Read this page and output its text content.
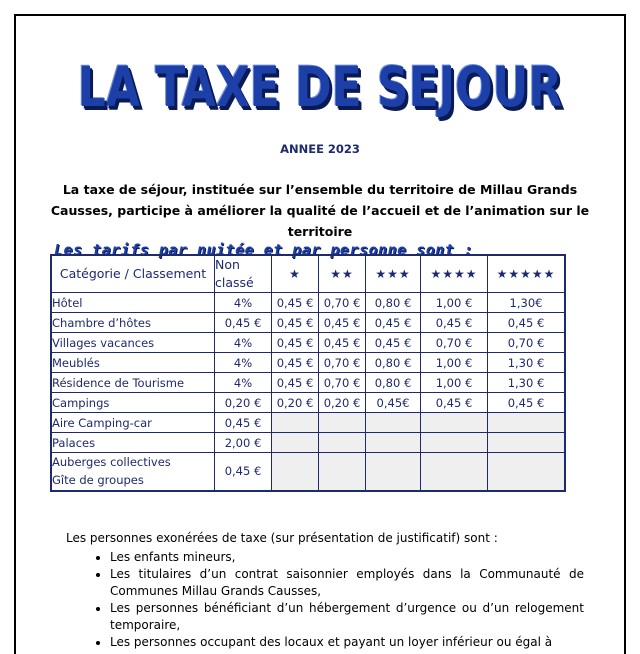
LA TAXE DE SEJOUR
ANNEE 2023
La taxe de séjour, instituée sur l’ensemble du territoire de Millau Grands Causses, participe à améliorer la qualité de l’accueil et de l’animation sur le territoire
Les tarifs par nuitée et par personne sont :
Catégorie / Classement	Non classé	★	★★	★★★	★★★★	★★★★★
Hôtel	4%	0,45 €	0,70 €	0,80 €	1,00 €	1,30€
Chambre d’hôtes	0,45 €	0,45 €	0,45 €	0,45 €	0,45 €	0,45 €
Villages vacances	4%	0,45 €	0,45 €	0,45 €	0,70 €	0,70 €
Meublés	4%	0,45 €	0,70 €	0,80 €	1,00 €	1,30 €
Résidence de Tourisme	4%	0,45 €	0,70 €	0,80 €	1,00 €	1,30 €
Campings	0,20 €	0,20 €	0,20 €	0,45€	0,45 €	0,45 €
Aire Camping-car	0,45 €					
Palaces	2,00 €					

Auberges collectives
Gîte de groupes	0,45 €					
Les personnes exonérées de taxe (sur présentation de justificatif) sont :
• Les enfants mineurs,
• Les titulaires d’un contrat saisonnier employés dans la Communauté de Communes Millau Grands Causses,
• Les personnes bénéficiant d’un hébergement d’urgence ou d’un relogement temporaire,
• Les personnes occupant des locaux et payant un loyer inférieur ou égal à
